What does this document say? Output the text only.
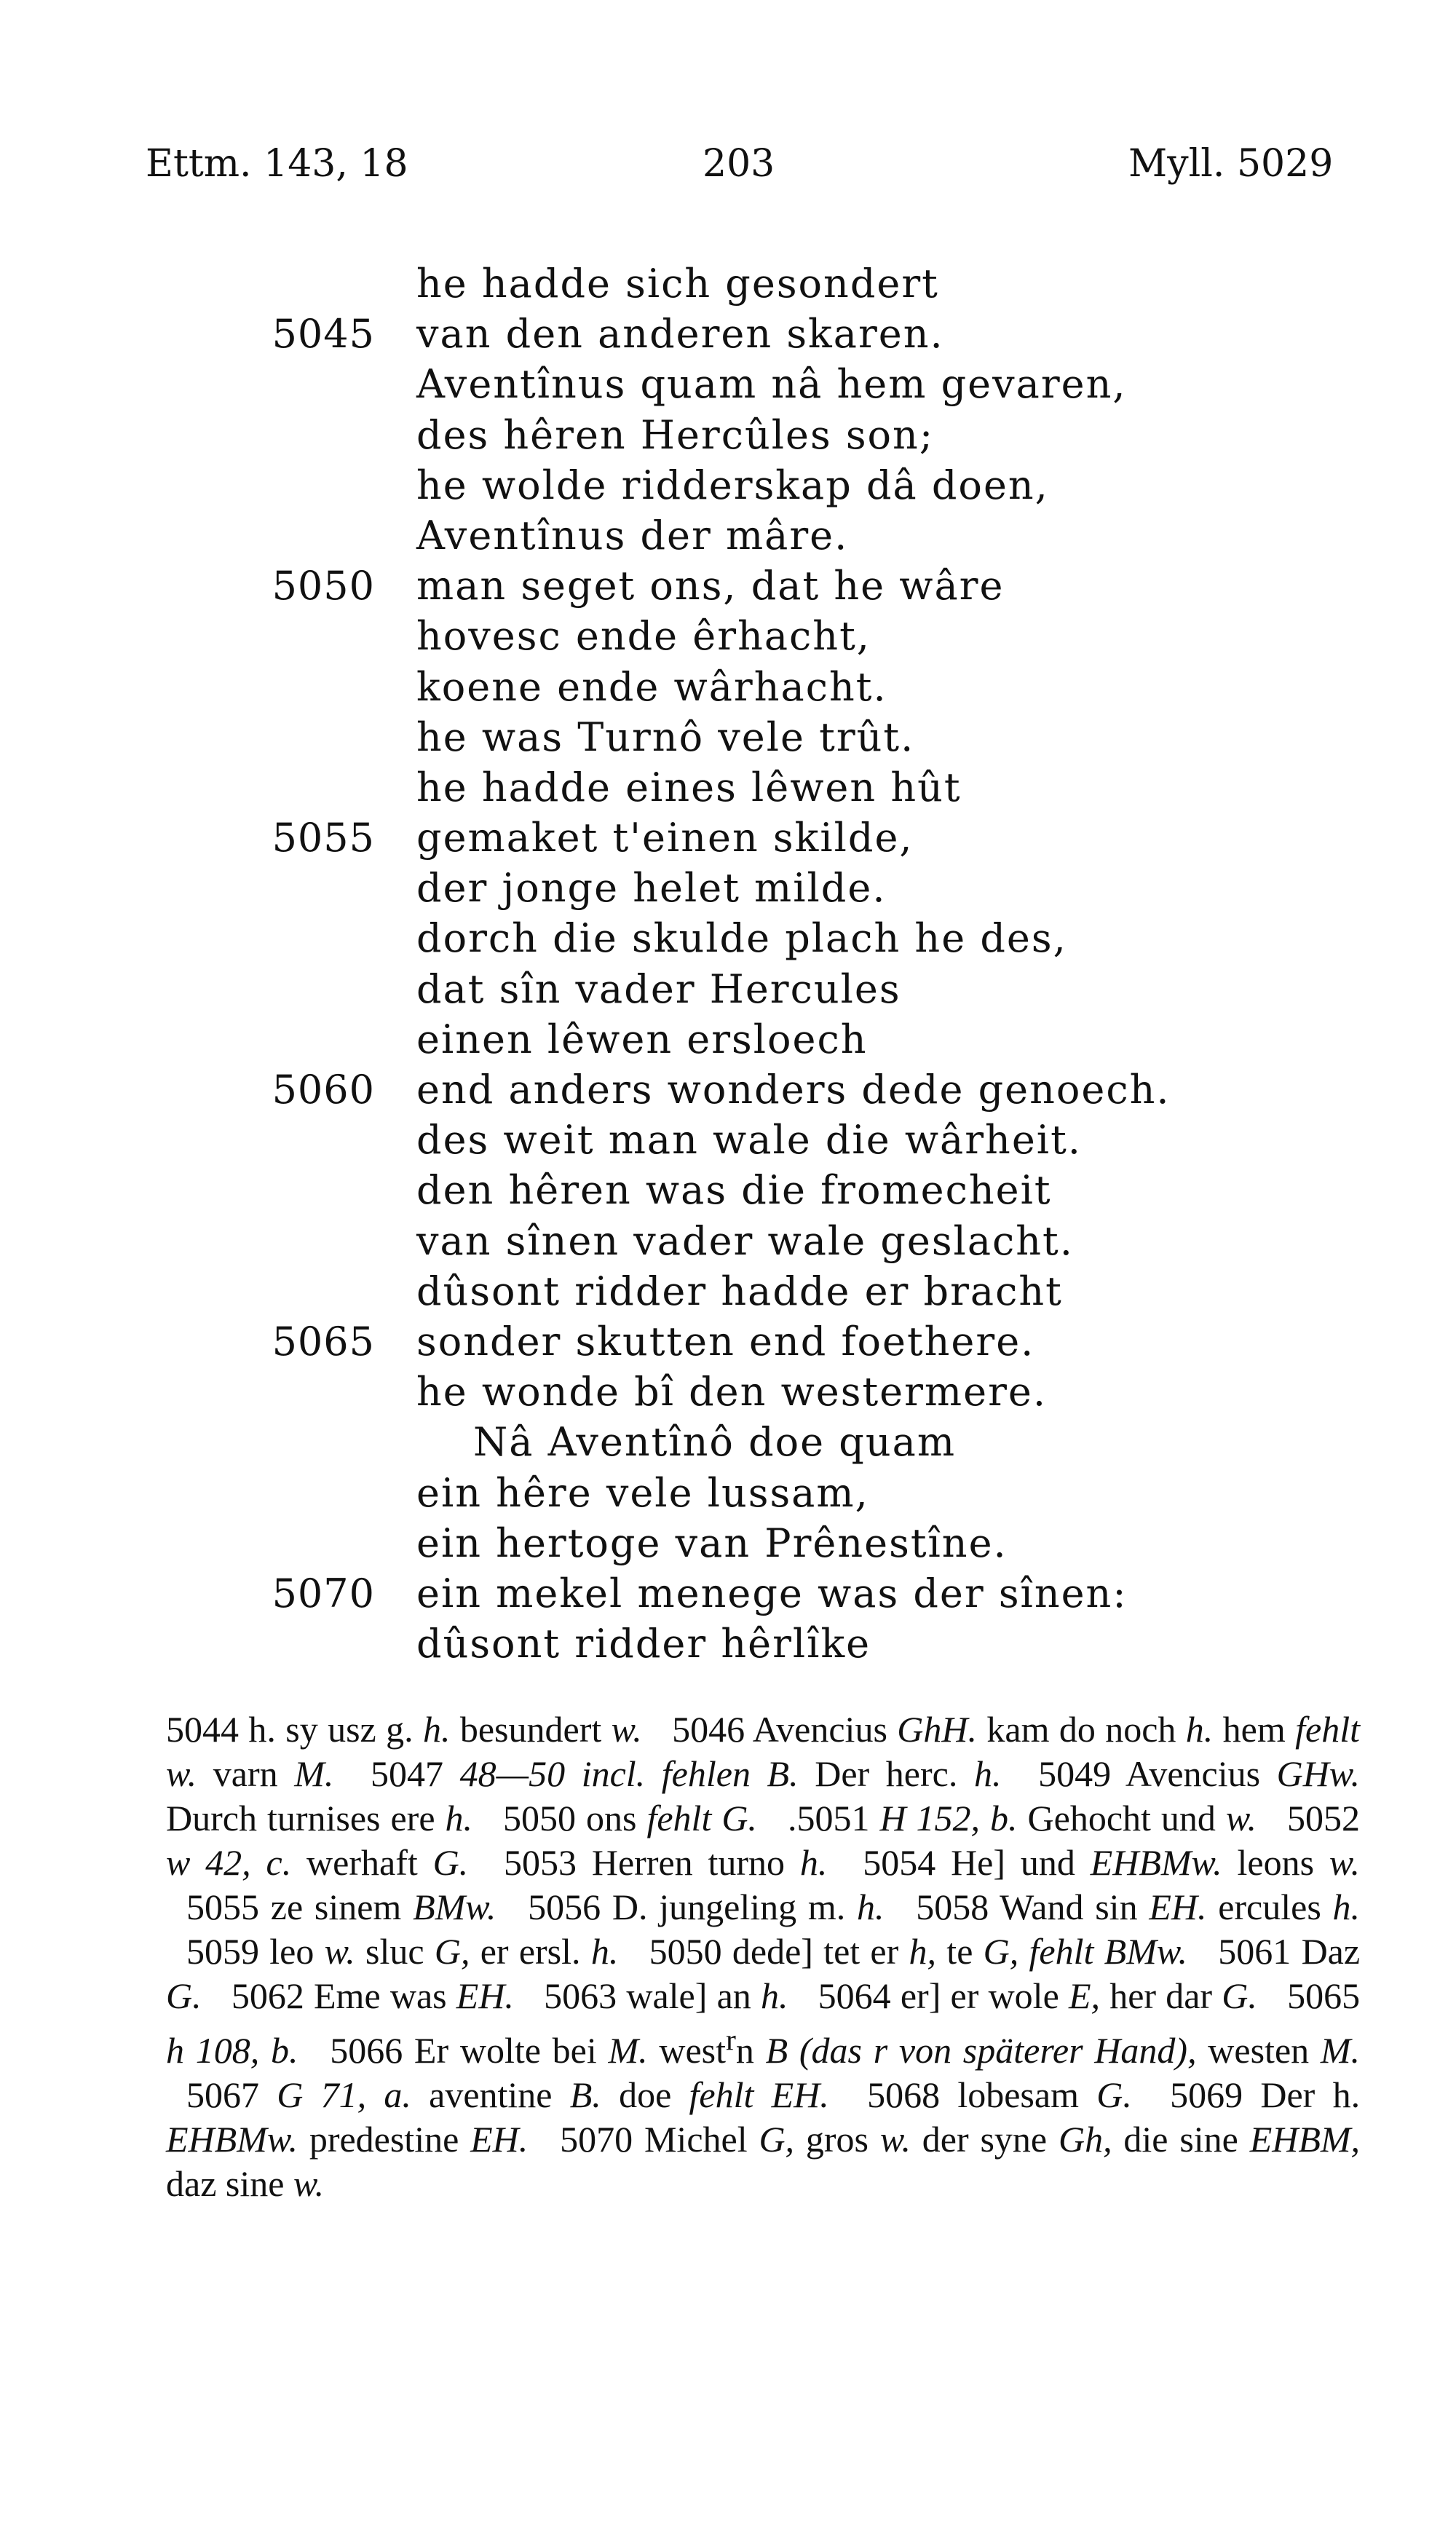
Ettm. 143, 18	203	Myll. 5029
he hadde sich gesondert
5045 van den anderen skaren.
Aventînus quam nâ hem gevaren,
des hêren Hercûles son;
he wolde ridderskap dâ doen,
Aventînus der mâre.
5050 man seget ons, dat he wâre
hovesc ende êrhacht,
koene ende wârhacht.
he was Turnô vele trût.
he hadde eines lêwen hût
5055 gemaket t'einen skilde,
der jonge helet milde.
dorch die skulde plach he des,
dat sîn vader Hercules
einen lêwen ersloech
5060 end anders wonders dede genoech.
des weit man wale die wârheit.
den hêren was die fromecheit
van sînen vader wale geslacht.
dûsont ridder hadde er bracht
5065 sonder skutten end foethere.
he wonde bî den westermere.
Nâ Aventînô doe quam
ein hêre vele lussam,
ein hertoge van Prênestîne.
5070 ein mekel menege was der sînen:
dûsont ridder hêrlîke
5044 h. sy usz g. h. besundert w. 5046 Avencius GhH. kam do noch h. hem fehlt w. varn M. 5047 48—50 incl. fehlen B. Der herc. h. 5049 Avencius GHw. Durch turnises ere h. 5050 ons fehlt G. .5051 H 152, b. Gehocht und w. 5052 w 42, c. werhaft G. 5053 Herren turno h. 5054 He] und EHBMw. leons w. 5055 ze sinem BMw. 5056 D. jungeling m. h. 5058 Wand sin EH. ercules h. 5059 leo w. sluc G, er ersl. h. 5050 dede] tet er h, te G, fehlt BMw. 5061 Daz G. 5062 Eme was EH. 5063 wale] an h. 5064 er] er wole E, her dar G. 5065 h 108, b. 5066 Er wolte bei M. west$^r$n B (das r von späterer Hand), westen M. 5067 G 71, a. aventine B. doe fehlt EH. 5068 lobesam G. 5069 Der h. EHBMw. predestine EH. 5070 Michel G, gros w. der syne Gh, die sine EHBM, daz sine w.
